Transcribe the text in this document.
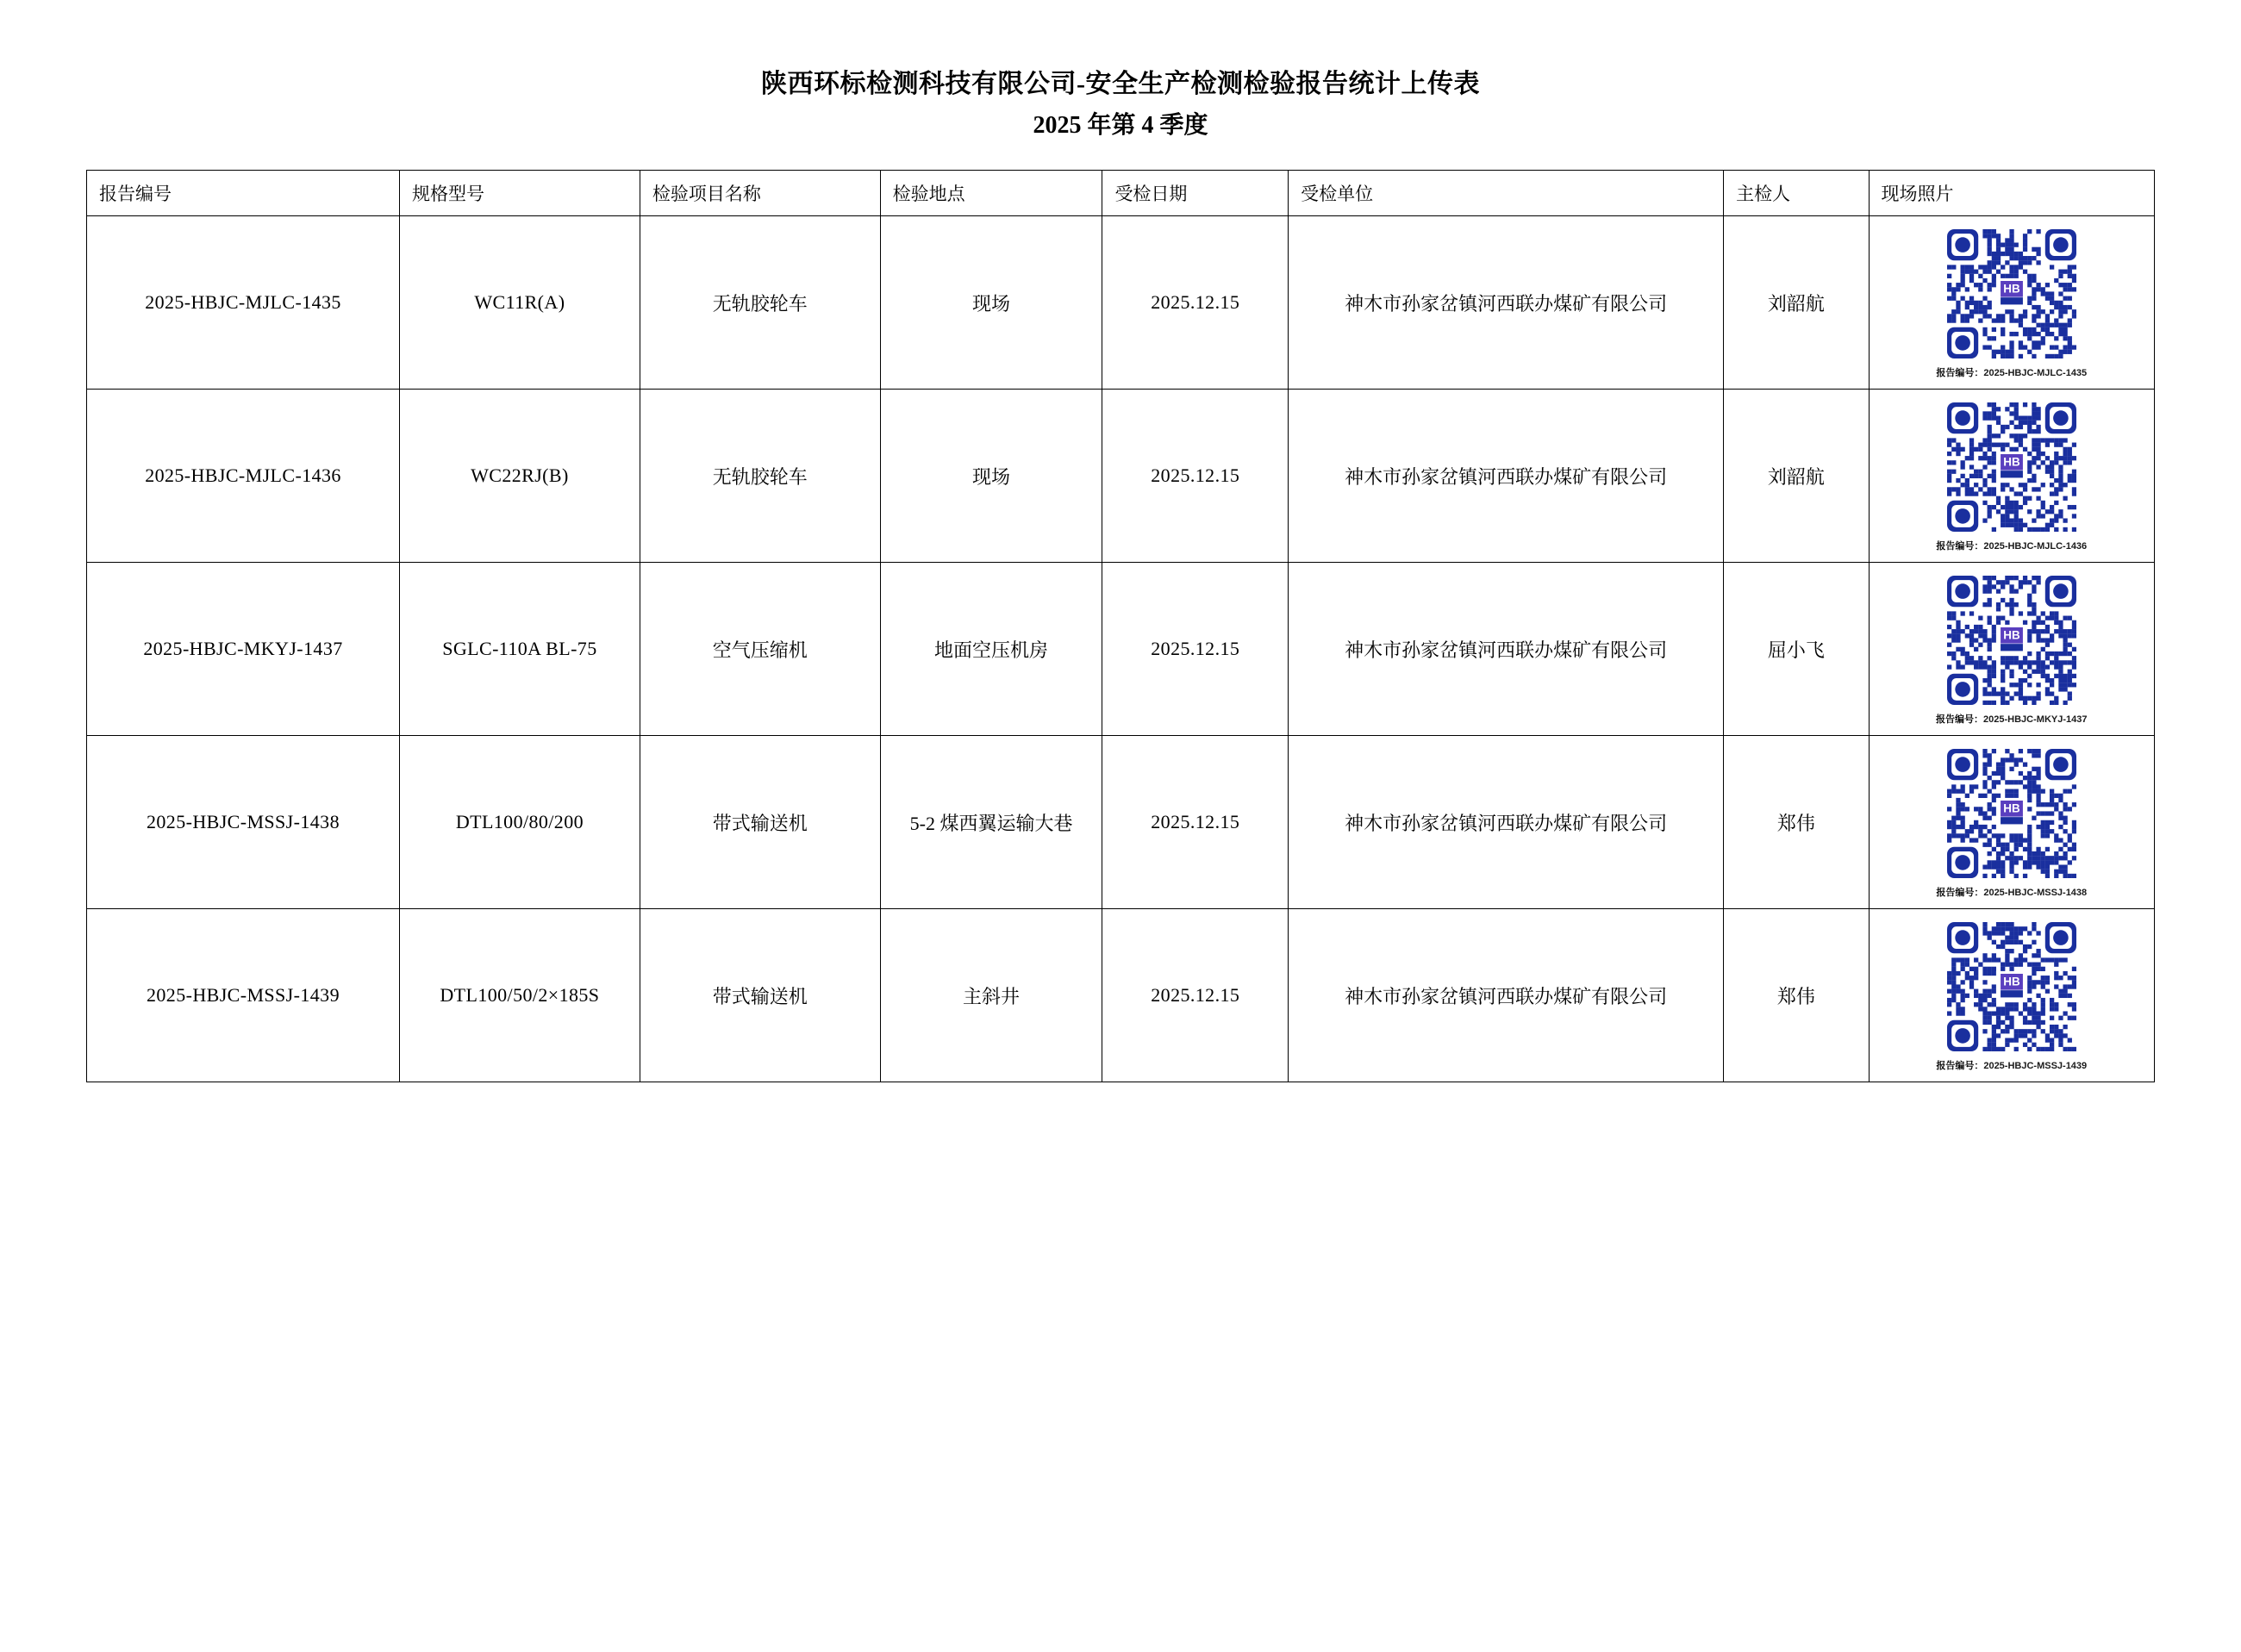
陕西环标检测科技有限公司-安全生产检测检验报告统计上传表
2025 年第 4 季度
报告编号	规格型号	检验项目名称	检验地点	受检日期	受检单位	主检人	现场照片
2025-HBJC-MJLC-1435	WC11R(A)	无轨胶轮车	现场	2025.12.15	神木市孙家岔镇河西联办煤矿有限公司	刘韶航	HB
报告编号：2025-HBJC-MJLC-1435

2025-HBJC-MJLC-1436	WC22RJ(B)	无轨胶轮车	现场	2025.12.15	神木市孙家岔镇河西联办煤矿有限公司	刘韶航	HB
报告编号：2025-HBJC-MJLC-1436

2025-HBJC-MKYJ-1437	SGLC-110A BL-75	空气压缩机	地面空压机房	2025.12.15	神木市孙家岔镇河西联办煤矿有限公司	屈小飞	HB
报告编号：2025-HBJC-MKYJ-1437

2025-HBJC-MSSJ-1438	DTL100/80/200	带式输送机	5-2 煤西翼运输大巷	2025.12.15	神木市孙家岔镇河西联办煤矿有限公司	郑伟	HB
报告编号：2025-HBJC-MSSJ-1438

2025-HBJC-MSSJ-1439	DTL100/50/2×185S	带式输送机	主斜井	2025.12.15	神木市孙家岔镇河西联办煤矿有限公司	郑伟	HB
报告编号：2025-HBJC-MSSJ-1439
